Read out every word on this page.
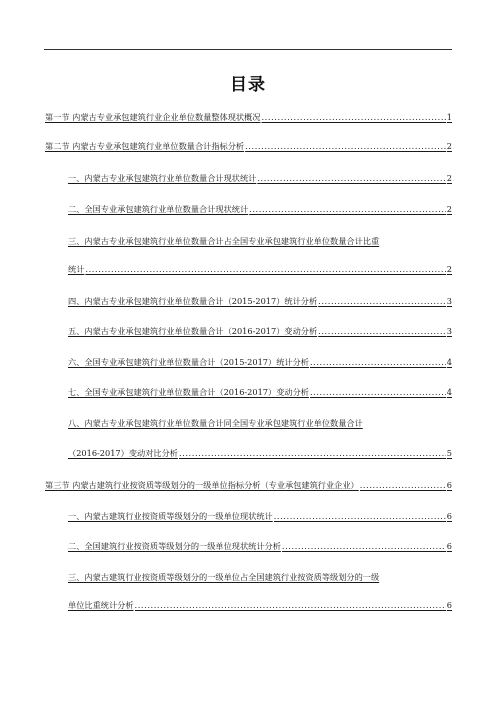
目录
第一节 内蒙古专业承包建筑行业企业单位数量整体现状概况 .....	1
第二节 内蒙古专业承包建筑行业单位数量合计指标分析 .....	2
一、内蒙古专业承包建筑行业单位数量合计现状统计 .....	2
二、全国专业承包建筑行业单位数量合计现状统计 .....	2
三、内蒙古专业承包建筑行业单位数量合计占全国专业承包建筑行业单位数量合计比重
统计 .....	2
四、内蒙古专业承包建筑行业单位数量合计（2015-2017）统计分析 .....	3
五、内蒙古专业承包建筑行业单位数量合计（2016-2017）变动分析 .....	3
六、全国专业承包建筑行业单位数量合计（2015-2017）统计分析 .....	4
七、全国专业承包建筑行业单位数量合计（2016-2017）变动分析 .....	4
八、内蒙古专业承包建筑行业单位数量合计同全国专业承包建筑行业单位数量合计
（2016-2017）变动对比分析 .....	5
第三节 内蒙古建筑行业按资质等级划分的一级单位指标分析（专业承包建筑行业企业） .....	6
一、内蒙古建筑行业按资质等级划分的一级单位现状统计 .....	6
二、全国建筑行业按资质等级划分的一级单位现状统计分析 .....	6
三、内蒙古建筑行业按资质等级划分的一级单位占全国建筑行业按资质等级划分的一级
单位比重统计分析 .....	6
